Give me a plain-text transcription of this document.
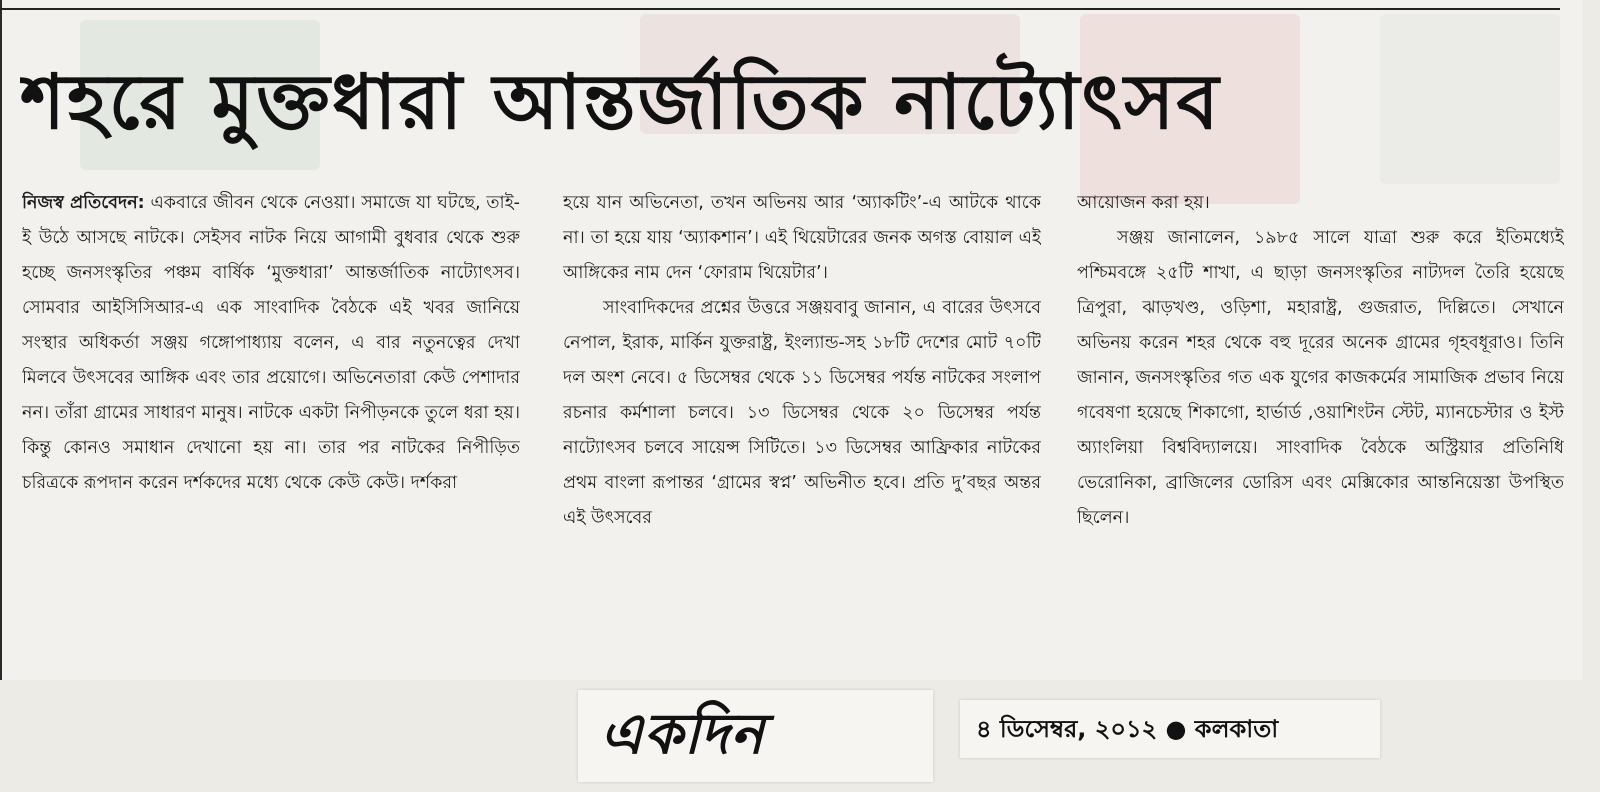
শহরে মুক্তধারা আন্তর্জাতিক নাট্যোৎসব

নিজস্ব প্রতিবেদন: একবারে জীবন থেকে নেওয়া। সমাজে যা ঘটছে, তাই-ই উঠে আসছে নাটকে। সেইসব নাটক নিয়ে আগামী বুধবার থেকে শুরু হচ্ছে জনসংস্কৃতির পঞ্চম বার্ষিক ‘মুক্তধারা’ আন্তর্জাতিক নাট্যোৎসব। সোমবার আইসিসিআর-এ এক সাংবাদিক বৈঠকে এই খবর জানিয়ে সংস্থার অধিকর্তা সঞ্জয় গঙ্গোপাধ্যায় বলেন, এ বার নতুনত্বের দেখা মিলবে উৎসবের আঙ্গিক এবং তার প্রয়োগে। অভিনেতারা কেউ পেশাদার নন। তাঁরা গ্রামের সাধারণ মানুষ। নাটকে একটা নিপীড়নকে তুলে ধরা হয়। কিন্তু কোনও সমাধান দেখানো হয় না। তার পর নাটকের নিপীড়িত চরিত্রকে রূপদান করেন দর্শকদের মধ্যে থেকে কেউ কেউ। দর্শকরা

হয়ে যান অভিনেতা, তখন অভিনয় আর ‘অ্যাকটিং’-এ আটকে থাকে না। তা হয়ে যায় ‘অ্যাকশান’। এই থিয়েটারের জনক অগস্ত বোয়াল এই আঙ্গিকের নাম দেন ‘ফোরাম থিয়েটার’।

সাংবাদিকদের প্রশ্নের উত্তরে সঞ্জয়বাবু জানান, এ বারের উৎসবে নেপাল, ইরাক, মার্কিন যুক্তরাষ্ট্র, ইংল্যান্ড-সহ ১৮টি দেশের মোট ৭০টি দল অংশ নেবে। ৫ ডিসেম্বর থেকে ১১ ডিসেম্বর পর্যন্ত নাটকের সংলাপ রচনার কর্মশালা চলবে। ১৩ ডিসেম্বর থেকে ২০ ডিসেম্বর পর্যন্ত নাট্যোৎসব চলবে সায়েন্স সিটিতে। ১৩ ডিসেম্বর আফ্রিকার নাটকের প্রথম বাংলা রূপান্তর ‘গ্রামের স্বপ্ন’ অভিনীত হবে। প্রতি দু’বছর অন্তর এই উৎসবের

আয়োজন করা হয়।

সঞ্জয় জানালেন, ১৯৮৫ সালে যাত্রা শুরু করে ইতিমধ্যেই পশ্চিমবঙ্গে ২৫টি শাখা, এ ছাড়া জনসংস্কৃতির নাট্যদল তৈরি হয়েছে ত্রিপুরা, ঝাড়খণ্ড, ওড়িশা, মহারাষ্ট্র, গুজরাত, দিল্লিতে। সেখানে অভিনয় করেন শহর থেকে বহু দূরের অনেক গ্রামের গৃহবধূরাও। তিনি জানান, জনসংস্কৃতির গত এক যুগের কাজকর্মের সামাজিক প্রভাব নিয়ে গবেষণা হয়েছে শিকাগো, হার্ভার্ড ,ওয়াশিংটন স্টেট, ম্যানচেস্টার ও ইস্ট অ্যাংলিয়া বিশ্ববিদ্যালয়ে। সাংবাদিক বৈঠকে অস্ট্রিয়ার প্রতিনিধি ভেরোনিকা, ব্রাজিলের ডোরিস এবং মেক্সিকোর আন্তনিয়েস্তা উপস্থিত ছিলেন।

একদিন	৪ ডিসেম্বর, ২০১২ ● কলকাতা
